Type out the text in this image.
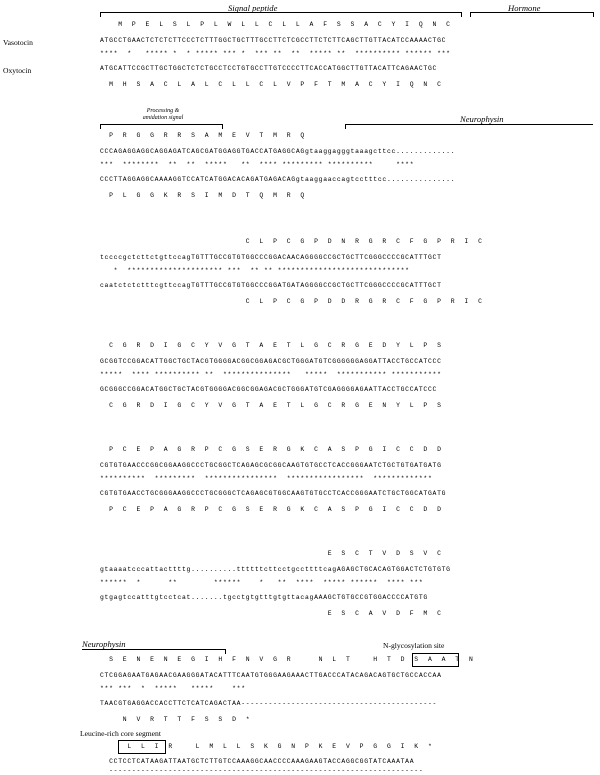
Signal peptide	Hormone
Vasotocin
Oxytocin
M  P  E  L  S  L  P  L  W  L  L  C  L  L  A  F  S  S  A  C  Y  I  Q  N  C
ATGCCTGAACTCTCTCTTCCCTCTTTGGCTGCTTTGCCTTCTCGCCTTCTCTTCAGCTTGTTACATCCAAAACTGC
****  *   ***** *  * ***** *** *  *** **  **  ***** **  ********** ****** ***
ATGCATTCCGCTTGCTGGCTCTCTGCCTCCTGTGCCTTGTCCCCTTCACCATGGCTTGTTACATTCAGAACTGC
M  H  S  A  C  L  A  L  C  L  L  C  L  V  P  F  T  M  A  C  Y  I  Q  N  C
Processing &
amidation signal	Neurophysin
P  R  G  G  R  R  S  A  M  E  V  T  M  R  Q
CCCAGAGGAGGCAGGAGATCAGCGATGGAGGTGACCATGAGGCAGgtaaggagggtaaagcttcc.............
***  ********  **  **  *****   **  **** ********* **********     ****
CCCTTAGGAGGCAAAAGGTCCATCATGGACACAGATGAGACAGgtaaggaaccagtcctttcc...............
P  L  G  G  K  R  S  I  M  D  T  Q  M  R  Q
C  L  P  C  G  P  D  N  R  G  R  C  F  G  P  R  I  C
tccccgctcttctgttccagTGTTTGCCGTGTGGCCCGGACAACAGGGGCCGCTGCTTCGGGCCCCGCATTTGCT
*  ********************* ***  ** ** *****************************
caatctctctttcgttccagTGTTTGCCGTGTGGCCCGGATGATAGGGGCCGCTGCTTCGGGCCCCGCATTTGCT
C  L  P  C  G  P  D  D  R  G  R  C  F  G  P  R  I  C
C  G  R  D  I  G  C  Y  V  G  T  A  E  T  L  G  C  R  G  E  D  Y  L  P  S
GCGGTCCGGACATTGGCTGCTACGTGGGGACGGCGGAGACGCTGGGATGTCGGGGGGAGGATTACCTGCCATCCC
*****  **** ********** **  ***************   *****  *********** ***********
GCGGGCCGGACATGGCTGCTACGTGGGGACGGCGGAGACGCTGGGATGTCGAGGGGAGAATTACCTGCCATCCC
C  G  R  D  I  G  C  Y  V  G  T  A  E  T  L  G  C  R  G  E  N  Y  L  P  S
P  C  E  P  A  G  R  P  C  G  S  E  R  G  K  C  A  S  P  G  I  C  C  D  D
CGTGTGAACCCGGCGGAAGGCCCTGCGGCTCAGAGCGCGGCAAGTGTGCCTCACCGGGAATCTGCTGTGATGATG
**********  *********  ****************  *****************  *************
CGTGTGAACCTGCGGGAAGGCCCTGCGGGCTCAGAGCGTGGCAAGTGTGCCTCACCGGGAATCTGCTGGCATGATG
P  C  E  P  A  G  R  P  C  G  S  E  R  G  K  C  A  S  P  G  I  C  C  D  D
E  S  C  T  V  D  S  V  C
gtaaaatcccattacttttg..........ttttttcttcctgccttttcagAGAGCTGCACAGTGGACTCTGTGTG
******  *      **        ******    *   **  ****  ***** ******  **** ***
gtgagtccatttgtcctcat.......tgcctgtgtttgtgttacagAAAGCTGTGCCGTGGACCCCATGTG
E  S  C  A  V  D  F  M  C
Neurophysin	N-glycosylation site
S  E  N  E  N  E  G  I  H  F  N  V  G  R      N  L  T     H  T  D  S  A  A  T  N
CTCGGAGAATGAGAACGAAGGGATACATTTCAATGTGGGAAGAAACTTGACCCATACAGACAGTGCTGCCACCAA
*** ***  *  *****   *****    ***
TAACGTGAGGACCACCTTCTCATCAGACTAA-------------------------------------------
N  V  R  T  T  F  S  S  D  *
Leucine-rich core segment
L  L  I  R     L  M  L  L  S  K  G  N  P  K  E  V  P  G  G  I  K  *
CCTCCTCATAAGATTAATGCTCTTGTCCAAAGGCAACCCCAAAGAAGTACCAGGCGGTATCAAATAA
---------------------------------------------------------------------
